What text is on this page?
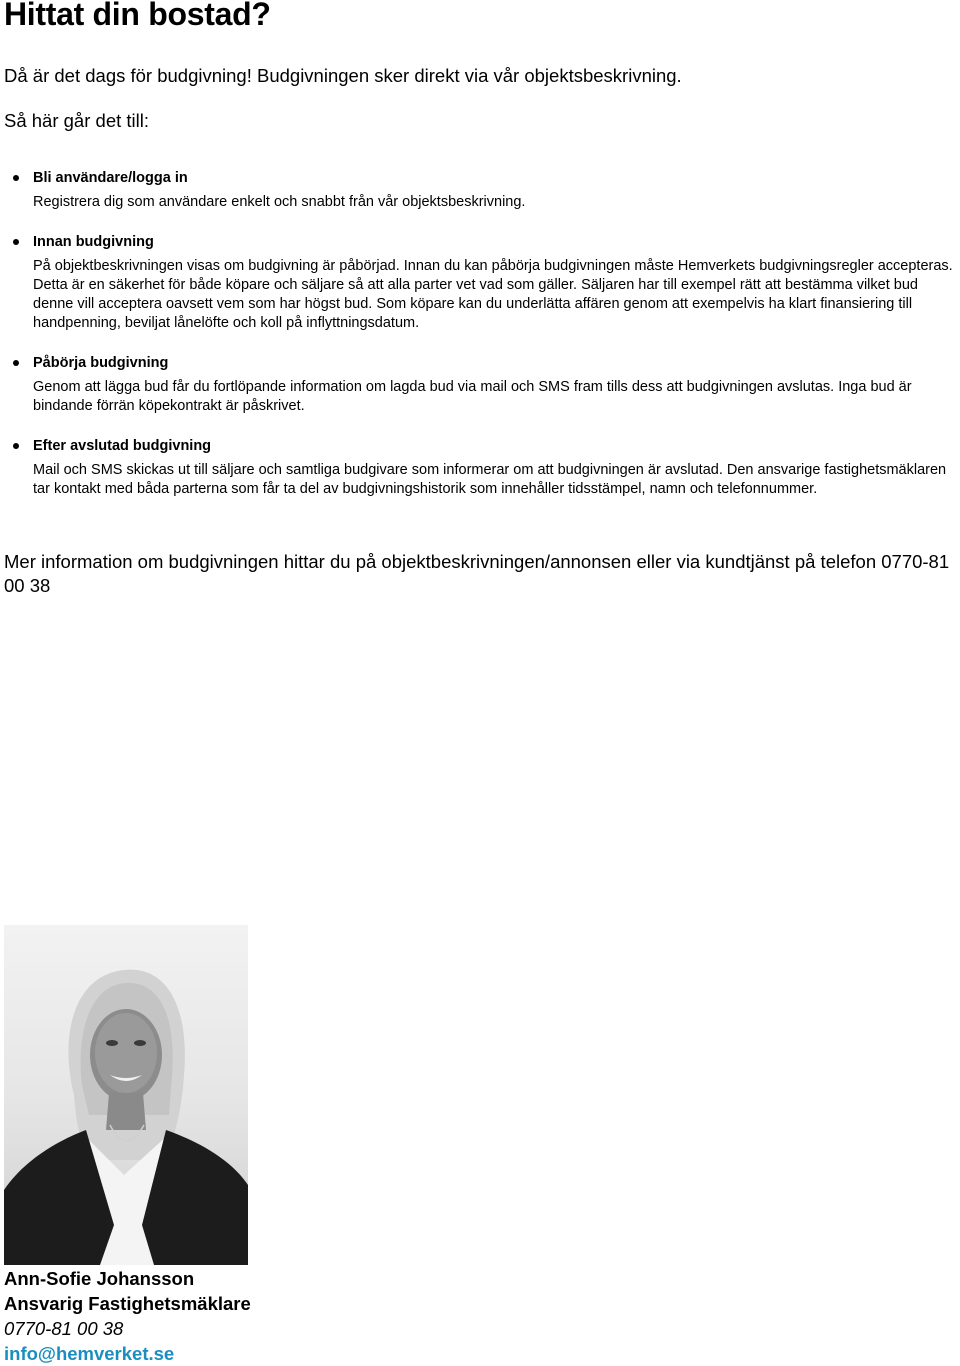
Hittat din bostad?

Då är det dags för budgivning! Budgivningen sker direkt via vår objektsbeskrivning.

Så här går det till:

Bli användare/logga in
Registrera dig som användare enkelt och snabbt från vår objektsbeskrivning.
Innan budgivning
På objektbeskrivningen visas om budgivning är påbörjad. Innan du kan påbörja budgivningen måste Hemverkets budgivningsregler accepteras. Detta är en säkerhet för både köpare och säljare så att alla parter vet vad som gäller. Säljaren har till exempel rätt att bestämma vilket bud denne vill acceptera oavsett vem som har högst bud. Som köpare kan du underlätta affären genom att exempelvis ha klart finansiering till handpenning, beviljat lånelöfte och koll på inflyttningsdatum.
Påbörja budgivning
Genom att lägga bud får du fortlöpande information om lagda bud via mail och SMS fram tills dess att budgivningen avslutas. Inga bud är bindande förrän köpekontrakt är påskrivet.
Efter avslutad budgivning
Mail och SMS skickas ut till säljare och samtliga budgivare som informerar om att budgivningen är avslutad. Den ansvarige fastighetsmäklaren tar kontakt med båda parterna som får ta del av budgivningshistorik som innehåller tidsstämpel, namn och telefonnummer.

Mer information om budgivningen hittar du på objektbeskrivningen/annonsen eller via kundtjänst på telefon 0770-81 00 38

Ann-Sofie Johansson
Ansvarig Fastighetsmäklare
0770-81 00 38
info@hemverket.se
